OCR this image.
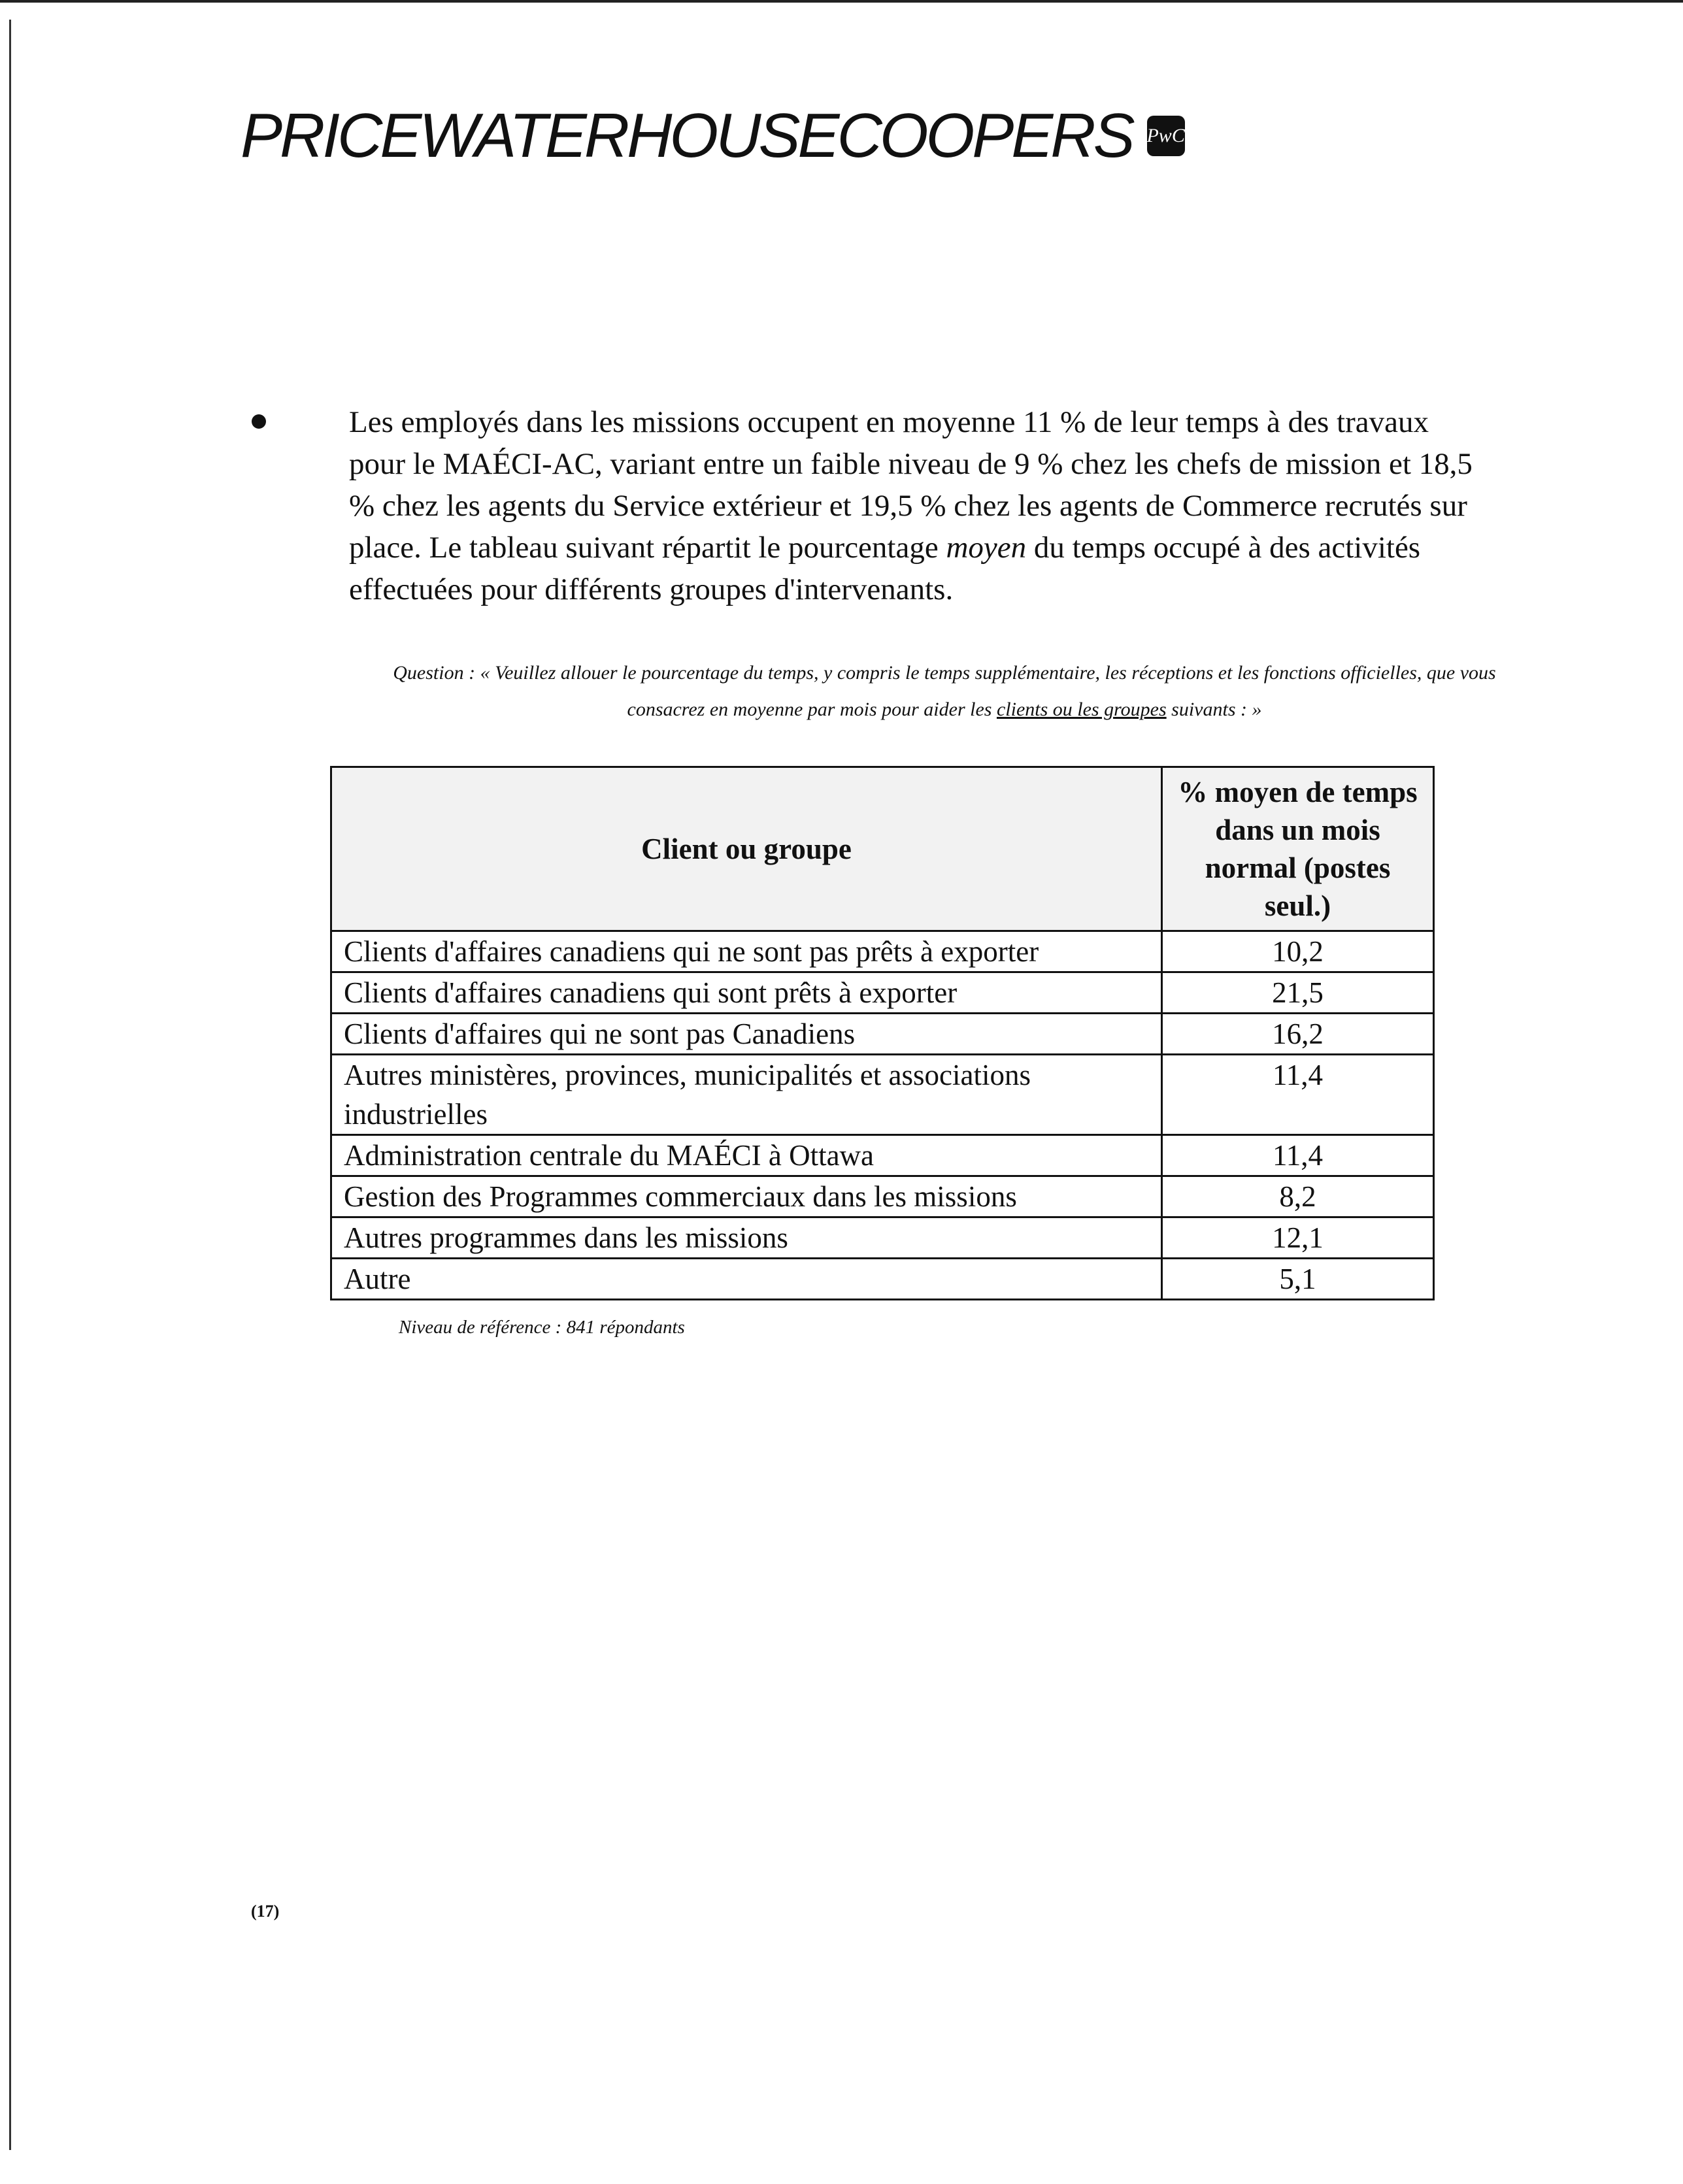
PRICEWATERHOUSECOOPERS PwC

Les employés dans les missions occupent en moyenne 11 % de leur temps à des travaux pour le MAÉCI-AC, variant entre un faible niveau de 9 % chez les chefs de mission et 18,5 % chez les agents du Service extérieur et 19,5 % chez les agents de Commerce recrutés sur place. Le tableau suivant répartit le pourcentage moyen du temps occupé à des activités effectuées pour différents groupes d'intervenants.

Question : « Veuillez allouer le pourcentage du temps, y compris le temps supplémentaire, les réceptions et les fonctions officielles, que vous consacrez en moyenne par mois pour aider les clients ou les groupes suivants : »

Client ou groupe	% moyen de temps dans un mois normal (postes seul.)
Clients d'affaires canadiens qui ne sont pas prêts à exporter	10,2
Clients d'affaires canadiens qui sont prêts à exporter	21,5
Clients d'affaires qui ne sont pas Canadiens	16,2
Autres ministères, provinces, municipalités et associations industrielles	11,4
Administration centrale du MAÉCI à Ottawa	11,4
Gestion des Programmes commerciaux dans les missions	8,2
Autres programmes dans les missions	12,1
Autre	5,1
Niveau de référence : 841 répondants
(17)
